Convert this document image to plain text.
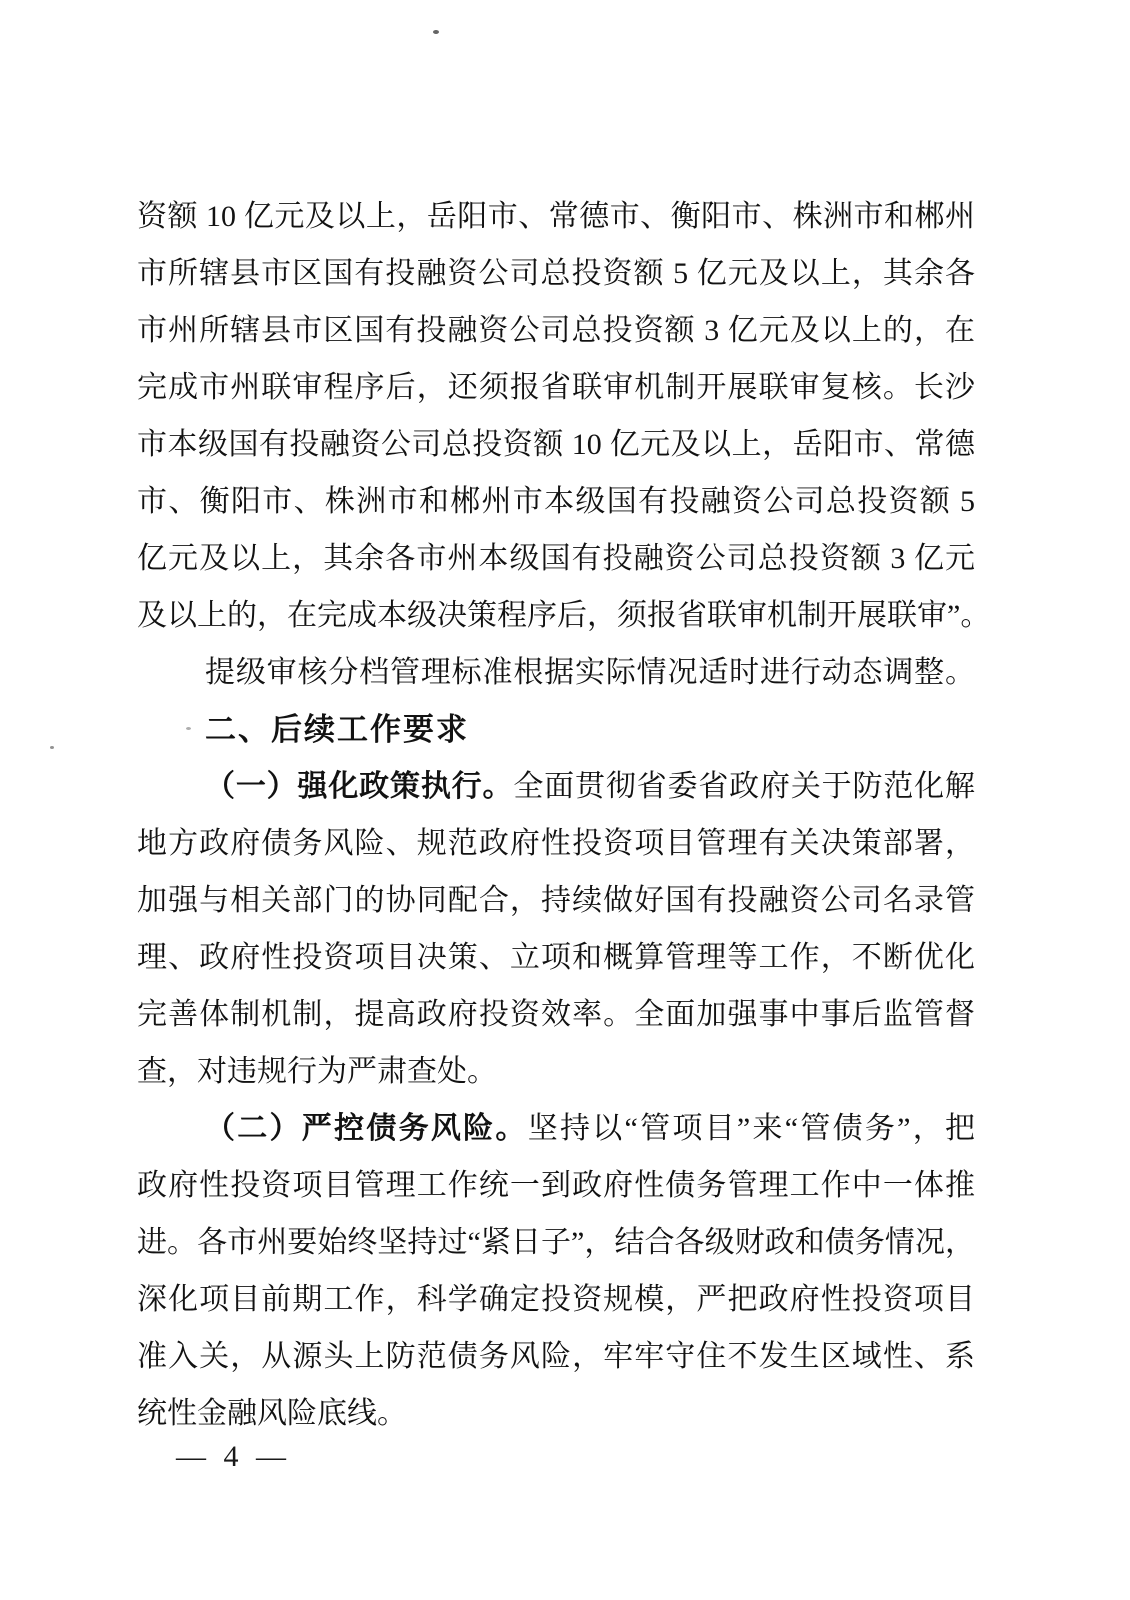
资额 10 亿元及以上，岳阳市、常德市、衡阳市、株洲市和郴州
市所辖县市区国有投融资公司总投资额 5 亿元及以上，其余各
市州所辖县市区国有投融资公司总投资额 3 亿元及以上的，在
完成市州联审程序后，还须报省联审机制开展联审复核。长沙
市本级国有投融资公司总投资额 10 亿元及以上，岳阳市、常德
市、衡阳市、株洲市和郴州市本级国有投融资公司总投资额 5
亿元及以上，其余各市州本级国有投融资公司总投资额 3 亿元
及以上的，在完成本级决策程序后，须报省联审机制开展联审”。
提级审核分档管理标准根据实际情况适时进行动态调整。
二、后续工作要求
（一）强化政策执行。全面贯彻省委省政府关于防范化解
地方政府债务风险、规范政府性投资项目管理有关决策部署，
加强与相关部门的协同配合，持续做好国有投融资公司名录管
理、政府性投资项目决策、立项和概算管理等工作，不断优化
完善体制机制，提高政府投资效率。全面加强事中事后监管督
查，对违规行为严肃查处。
（二）严控债务风险。坚持以“管项目”来“管债务”，把
政府性投资项目管理工作统一到政府性债务管理工作中一体推
进。各市州要始终坚持过“紧日子”，结合各级财政和债务情况，
深化项目前期工作，科学确定投资规模，严把政府性投资项目
准入关，从源头上防范债务风险，牢牢守住不发生区域性、系
统性金融风险底线。
— 4 —
